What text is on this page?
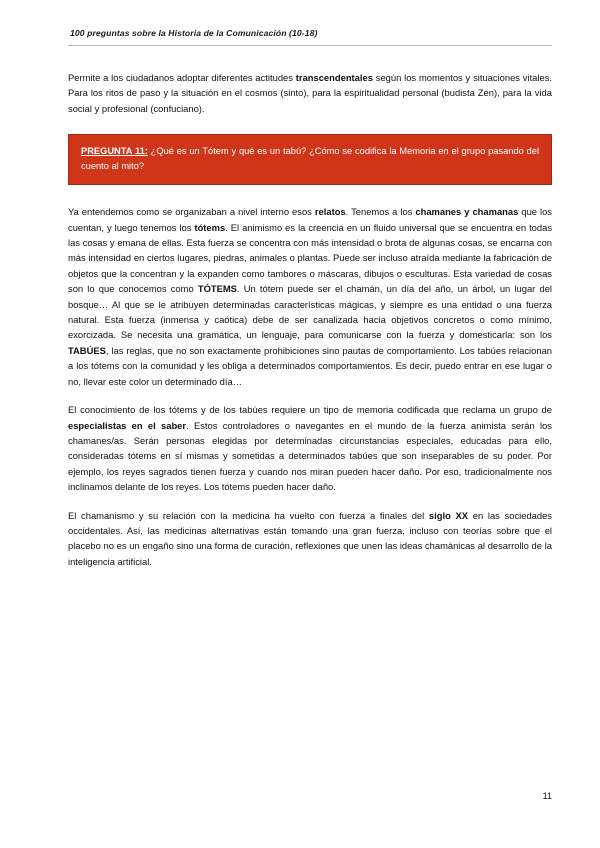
100 preguntas sobre la Historia de la Comunicación (10-18)

Permite a los ciudadanos adoptar diferentes actitudes transcendentales según los momentos y situaciones vitales. Para los ritos de paso y la situación en el cosmos (sinto), para la espiritualidad personal (budista Zen), para la vida social y profesional (confuciano).

PREGUNTA 11: ¿Qué es un Tótem y qué es un tabú? ¿Cómo se codifica la Memoria en el grupo pasando del cuento al mito?

Ya entendemos como se organizaban a nivel interno esos relatos. Tenemos a los chamanes y chamanas que los cuentan, y luego tenemos los tótems. El animismo es la creencia en un fluido universal que se encuentra en todas las cosas y emana de ellas. Esta fuerza se concentra con más intensidad o brota de algunas cosas, se encarna con más intensidad en ciertos lugares, piedras, animales o plantas. Puede ser incluso atraída mediante la fabricación de objetos que la concentran y la expanden como tambores o máscaras, dibujos o esculturas. Esta variedad de cosas son lo que conocemos como TÓTEMS. Un tótem puede ser el chamán, un día del año, un árbol, un lugar del bosque… Al que se le atribuyen determinadas características mágicas, y siempre es una entidad o una fuerza natural. Esta fuerza (inmensa y caótica) debe de ser canalizada hacia objetivos concretos o como mínimo, exorcizada. Se necesita una gramática, un lenguaje, para comunicarse con la fuerza y domesticarla: son los TABÚES, las reglas, que no son exactamente prohibiciones sino pautas de comportamiento. Los tabúes relacionan a los tótems con la comunidad y les obliga a determinados comportamientos. Es decir, puedo entrar en ese lugar o no, llevar este color un determinado día…

El conocimiento de los tótems y de los tabúes requiere un tipo de memoria codificada que reclama un grupo de especialistas en el saber. Estos controladores o navegantes en el mundo de la fuerza animista serán los chamanes/as. Serán personas elegidas por determinadas circunstancias especiales, educadas para ello, consideradas tótems en sí mismas y sometidas a determinados tabúes que son inseparables de su poder. Por ejemplo, los reyes sagrados tienen fuerza y cuando nos miran pueden hacer daño. Por eso, tradicionalmente nos inclinamos delante de los reyes. Los tótems pueden hacer daño.

El chamanismo y su relación con la medicina ha vuelto con fuerza a finales del siglo XX en las sociedades occidentales. Así, las medicinas alternativas están tomando una gran fuerza, incluso con teorías sobre que el placebo no es un engaño sino una forma de curación, reflexiones que unen las ideas chamánicas al desarrollo de la inteligencia artificial.

11
